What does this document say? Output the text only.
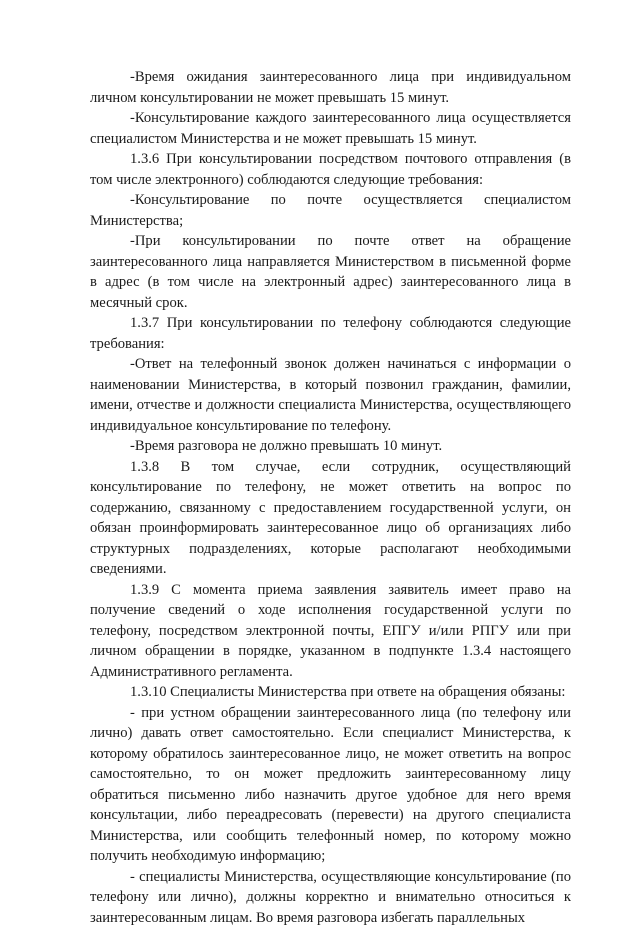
-Время ожидания заинтересованного лица при индивидуальном личном консультировании не может превышать 15 минут.

-Консультирование каждого заинтересованного лица осуществляется специалистом Министерства и не может превышать 15 минут.

1.3.6 При консультировании посредством почтового отправления (в том числе электронного) соблюдаются следующие требования:

-Консультирование по почте осуществляется специалистом Министерства;

-При консультировании по почте ответ на обращение заинтересованного лица направляется Министерством в письменной форме в адрес (в том числе на электронный адрес) заинтересованного лица в месячный срок.

1.3.7 При консультировании по телефону соблюдаются следующие требования:

-Ответ на телефонный звонок должен начинаться с информации о наименовании Министерства, в который позвонил гражданин, фамилии, имени, отчестве и должности специалиста Министерства, осуществляющего индивидуальное консультирование по телефону.

-Время разговора не должно превышать 10 минут.

1.3.8 В том случае, если сотрудник, осуществляющий консультирование по телефону, не может ответить на вопрос по содержанию, связанному с предоставлением государственной услуги, он обязан проинформировать заинтересованное лицо об организациях либо структурных подразделениях, которые располагают необходимыми сведениями.

1.3.9 С момента приема заявления заявитель имеет право на получение сведений о ходе исполнения государственной услуги по телефону, посредством электронной почты, ЕПГУ и/или РПГУ или при личном обращении в порядке, указанном в подпункте 1.3.4 настоящего Административного регламента.

1.3.10 Специалисты Министерства при ответе на обращения обязаны:

- при устном обращении заинтересованного лица (по телефону или лично) давать ответ самостоятельно. Если специалист Министерства, к которому обратилось заинтересованное лицо, не может ответить на вопрос самостоятельно, то он может предложить заинтересованному лицу обратиться письменно либо назначить другое удобное для него время консультации, либо переадресовать (перевести) на другого специалиста Министерства, или сообщить телефонный номер, по которому можно получить необходимую информацию;

- специалисты Министерства, осуществляющие консультирование (по телефону или лично), должны корректно и внимательно относиться к заинтересованным лицам. Во время разговора избегать параллельных
